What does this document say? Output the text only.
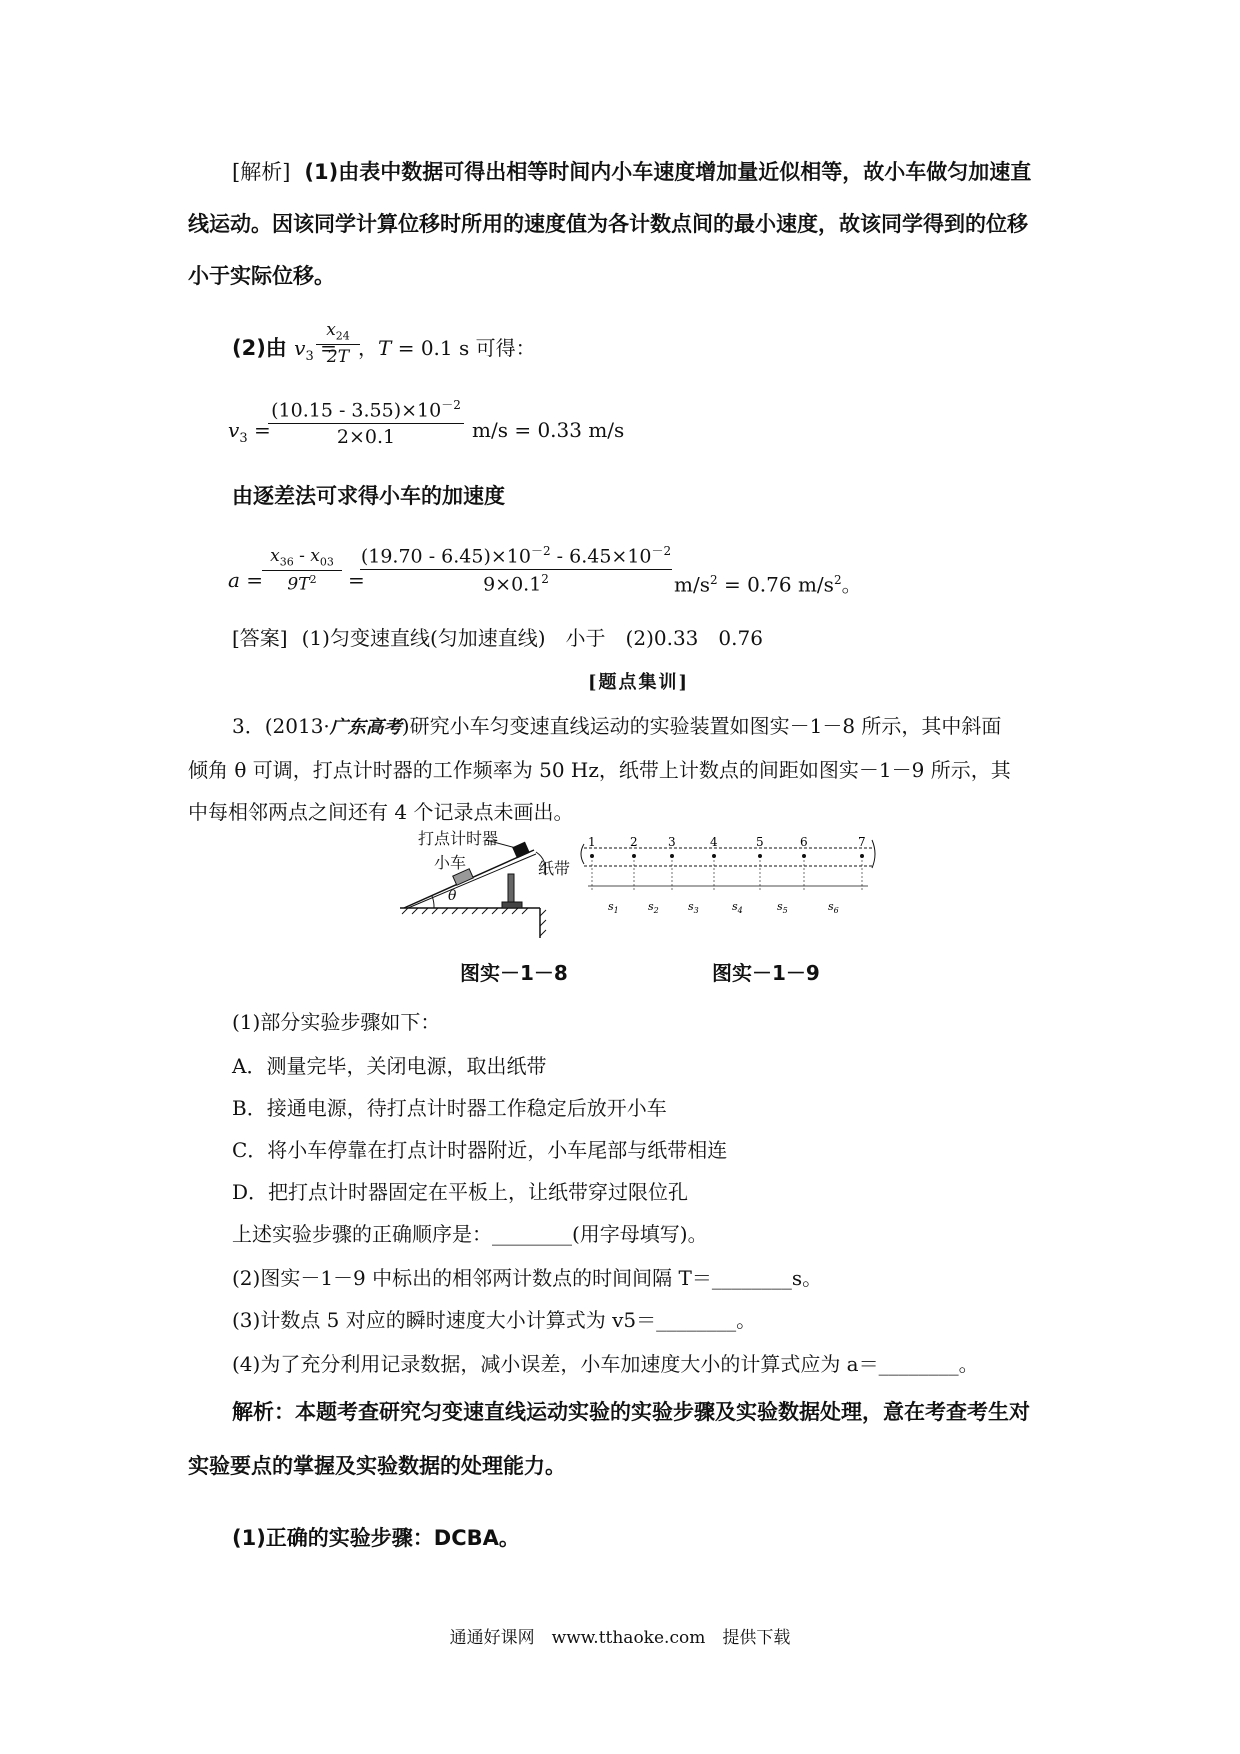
[解析] (1)由表中数据可得出相等时间内小车速度增加量近似相等，故小车做匀加速直
线运动。因该同学计算位移时所用的速度值为各计数点间的最小速度，故该同学得到的位移
小于实际位移。
(2)由 $v_3$ =
$x_{24}$
2T ，T = 0.1 s 可得：
$v_3$ =
$(10.15 - 3.55)\times 10^{-2}$
2×0.1	m/s = 0.33 m/s
由逐差法可求得小车的加速度
a =
$x_{36} - x_{03}$
$9T^2$	=
$(19.70 - 6.45)\times 10^{-2} - 6.45\times 10^{-2}$
$9\times 0.1^2$	$m/s^2 = 0.76$ $m/s^2$。
[答案] (1)匀变速直线(匀加速直线)　小于　(2)0.33　0.76
[题点集训]
3．(2013·广东高考)研究小车匀变速直线运动的实验装置如图实－1－8 所示，其中斜面
倾角 θ 可调，打点计时器的工作频率为 50 Hz，纸带上计数点的间距如图实－1－9 所示，其
中每相邻两点之间还有 4 个记录点未画出。
打点计时器
小车	纸带
θ
图实－1－8
1	2	3	4	5	6	7
$s_1$	$s_2$	$s_3$	$s_4$	$s_5$	$s_6$
图实－1－9
(1)部分实验步骤如下：
A．测量完毕，关闭电源，取出纸带
B．接通电源，待打点计时器工作稳定后放开小车
C．将小车停靠在打点计时器附近，小车尾部与纸带相连
D．把打点计时器固定在平板上，让纸带穿过限位孔
上述实验步骤的正确顺序是：________(用字母填写)。
(2)图实－1－9 中标出的相邻两计数点的时间间隔 T＝________s。
(3)计数点 5 对应的瞬时速度大小计算式为 v5＝________。
(4)为了充分利用记录数据，减小误差，小车加速度大小的计算式应为 a＝________。
解析：本题考查研究匀变速直线运动实验的实验步骤及实验数据处理，意在考查考生对
实验要点的掌握及实验数据的处理能力。
(1)正确的实验步骤：DCBA。
通通好课网　www.tthaoke.com　提供下载
